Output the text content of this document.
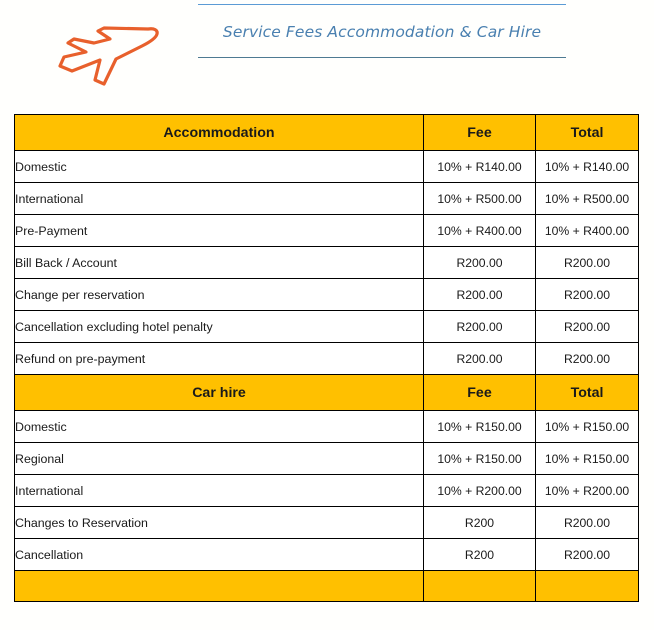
Service Fees Accommodation & Car Hire
Accommodation	Fee	Total
Domestic	10% + R140.00	10% + R140.00
International	10% + R500.00	10% + R500.00
Pre-Payment	10% + R400.00	10% + R400.00
Bill Back / Account	R200.00	R200.00
Change per reservation	R200.00	R200.00
Cancellation excluding hotel penalty	R200.00	R200.00
Refund on pre-payment	R200.00	R200.00
Car hire	Fee	Total
Domestic	10% + R150.00	10% + R150.00
Regional	10% + R150.00	10% + R150.00
International	10% + R200.00	10% + R200.00
Changes to Reservation	R200	R200.00
Cancellation	R200	R200.00
